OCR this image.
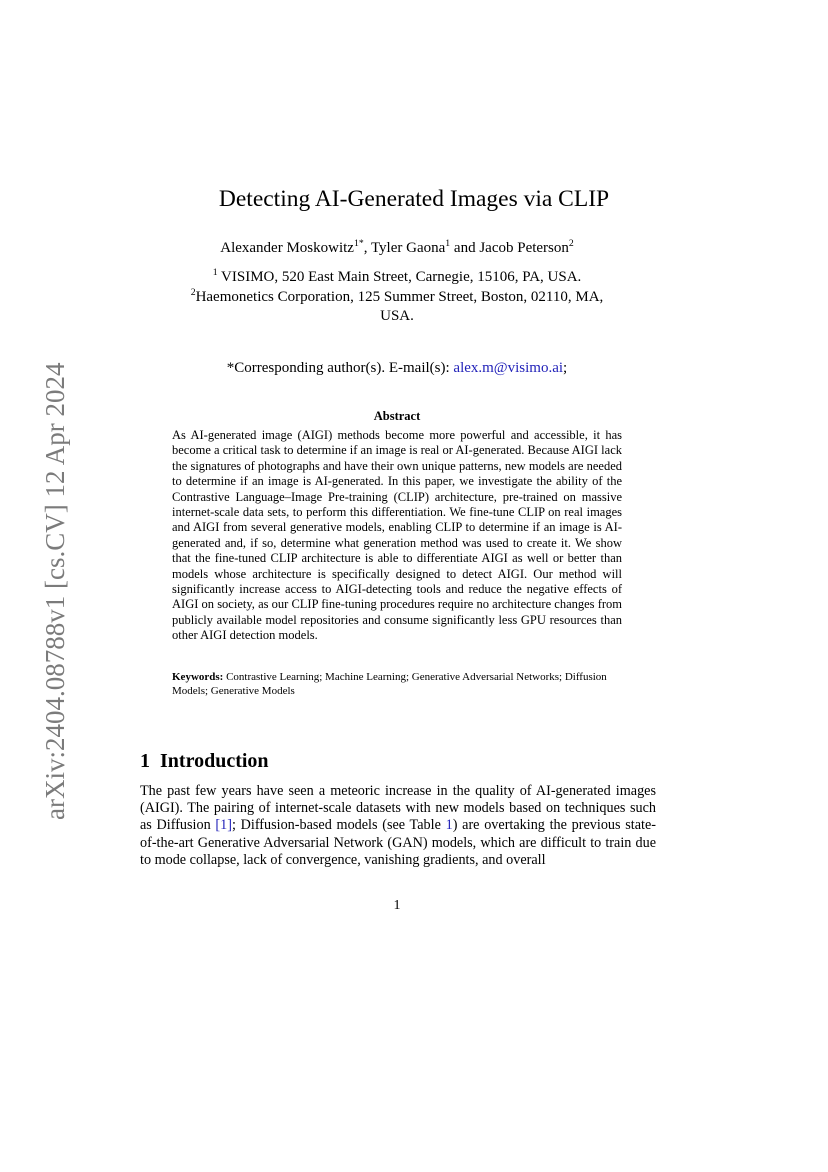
arXiv:2404.08788v1 [cs.CV] 12 Apr 2024
Detecting AI-Generated Images via CLIP
Alexander Moskowitz$^{1*}$, Tyler Gaona$^1$ and Jacob Peterson$^2$
$^1$ VISIMO, 520 East Main Street, Carnegie, 15106, PA, USA.
$^2$Haemonetics Corporation, 125 Summer Street, Boston, 02110, MA, USA.
*Corresponding author(s). E-mail(s): alex.m@visimo.ai;
Abstract
As AI-generated image (AIGI) methods become more powerful and accessible, it has become a critical task to determine if an image is real or AI-generated. Because AIGI lack the signatures of photographs and have their own unique patterns, new models are needed to determine if an image is AI-generated. In this paper, we investigate the ability of the Contrastive Language–Image Pre-training (CLIP) architecture, pre-trained on massive internet-scale data sets, to perform this differentiation. We fine-tune CLIP on real images and AIGI from several generative models, enabling CLIP to determine if an image is AI-generated and, if so, determine what generation method was used to create it. We show that the fine-tuned CLIP architecture is able to differentiate AIGI as well or better than models whose architecture is specifically designed to detect AIGI. Our method will significantly increase access to AIGI-detecting tools and reduce the negative effects of AIGI on society, as our CLIP fine-tuning procedures require no architecture changes from publicly available model repositories and consume significantly less GPU resources than other AIGI detection models.
Keywords: Contrastive Learning; Machine Learning; Generative Adversarial Networks; Diffusion Models; Generative Models
1 Introduction
The past few years have seen a meteoric increase in the quality of AI-generated images (AIGI). The pairing of internet-scale datasets with new models based on techniques such as Diffusion [1]; Diffusion-based models (see Table 1) are overtaking the previous state-of-the-art Generative Adversarial Network (GAN) models, which are difficult to train due to mode collapse, lack of convergence, vanishing gradients, and overall
1
